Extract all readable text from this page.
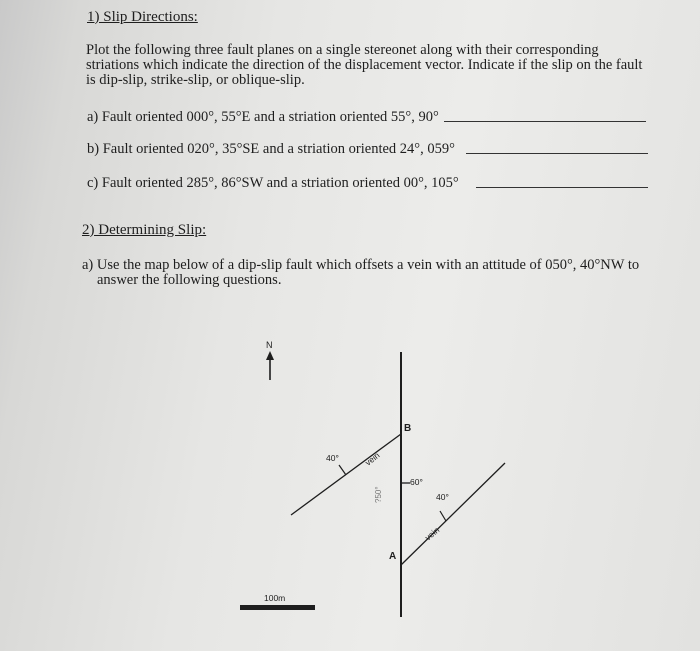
1) Slip Directions:
Plot the following three fault planes on a single stereonet along with their corresponding
striations which indicate the direction of the displacement vector. Indicate if the slip on the fault
is dip-slip, strike-slip, or oblique-slip.
a) Fault oriented 000°, 55°E and a striation oriented 55°, 90°
b) Fault oriented 020°, 35°SE and a striation oriented 24°, 059°
c) Fault oriented 285°, 86°SW and a striation oriented 00°, 105°
2) Determining Slip:
a) Use the map below of a dip-slip fault which offsets a vein with an attitude of 050°, 40°NW to
answer the following questions.
N
60°
40°	vein
40°
vein
B
A
?50°
100m
